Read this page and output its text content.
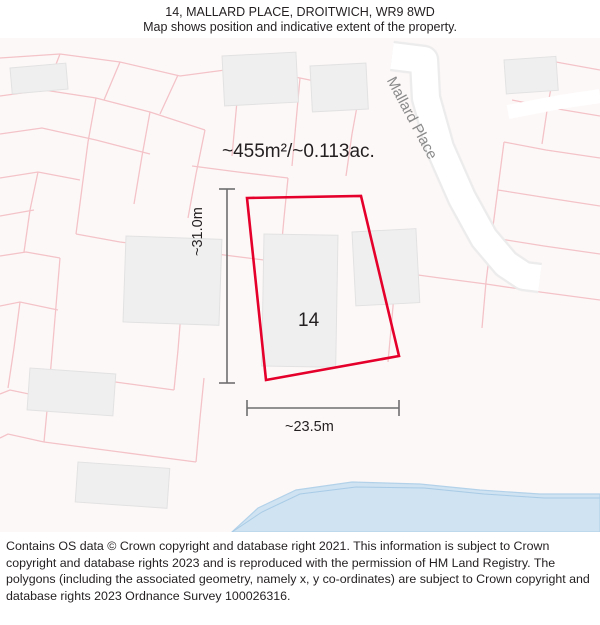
14, MALLARD PLACE, DROITWICH, WR9 8WD
Map shows position and indicative extent of the property.
~455m²/~0.113ac.
14
~23.5m
~31.0m
Mallard Place
Contains OS data © Crown copyright and database right 2021. This information is subject to Crown copyright and database rights 2023 and is reproduced with the permission of HM Land Registry. The polygons (including the associated geometry, namely x, y co-ordinates) are subject to Crown copyright and database rights 2023 Ordnance Survey 100026316.
